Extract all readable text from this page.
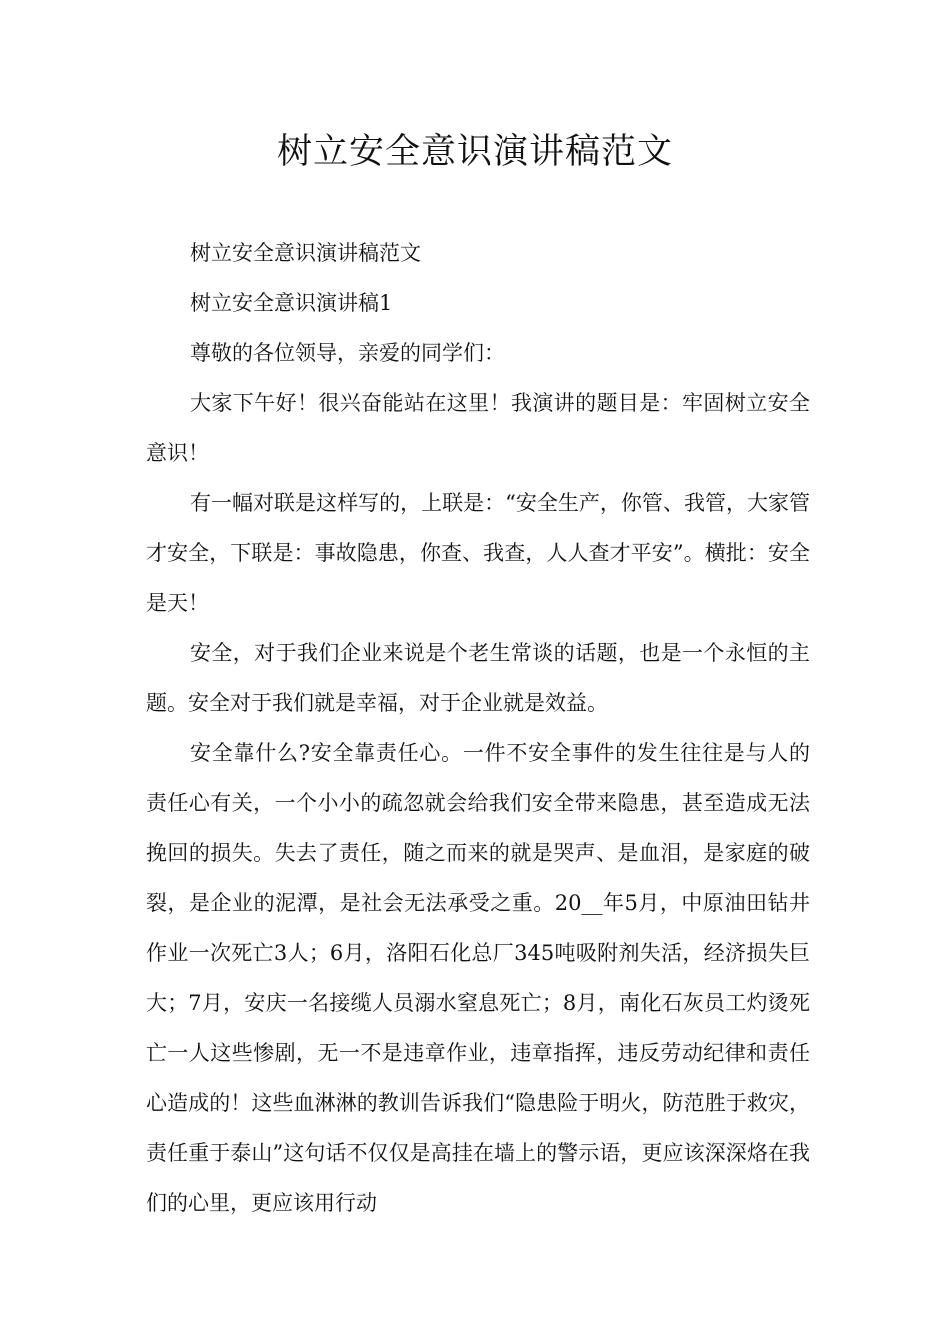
树立安全意识演讲稿范文

树立安全意识演讲稿范文

树立安全意识演讲稿1

尊敬的各位领导，亲爱的同学们：

大家下午好！很兴奋能站在这里！我演讲的题目是：牢固树立安全意识！

有一幅对联是这样写的，上联是：“安全生产，你管、我管，大家管才安全，下联是：事故隐患，你查、我查，人人查才平安”。横批：安全是天！

安全，对于我们企业来说是个老生常谈的话题，也是一个永恒的主题。安全对于我们就是幸福，对于企业就是效益。

安全靠什么?安全靠责任心。一件不安全事件的发生往往是与人的责任心有关，一个小小的疏忽就会给我们安全带来隐患，甚至造成无法挽回的损失。失去了责任，随之而来的就是哭声、是血泪，是家庭的破裂，是企业的泥潭，是社会无法承受之重。20__年5月，中原油田钻井作业一次死亡3人；6月，洛阳石化总厂345吨吸附剂失活，经济损失巨大；7月，安庆一名接缆人员溺水窒息死亡；8月，南化石灰员工灼烫死亡一人这些惨剧，无一不是违章作业，违章指挥，违反劳动纪律和责任心造成的！这些血淋淋的教训告诉我们“隐患险于明火，防范胜于救灾，责任重于泰山”这句话不仅仅是高挂在墙上的警示语，更应该深深烙在我们的心里，更应该用行动
